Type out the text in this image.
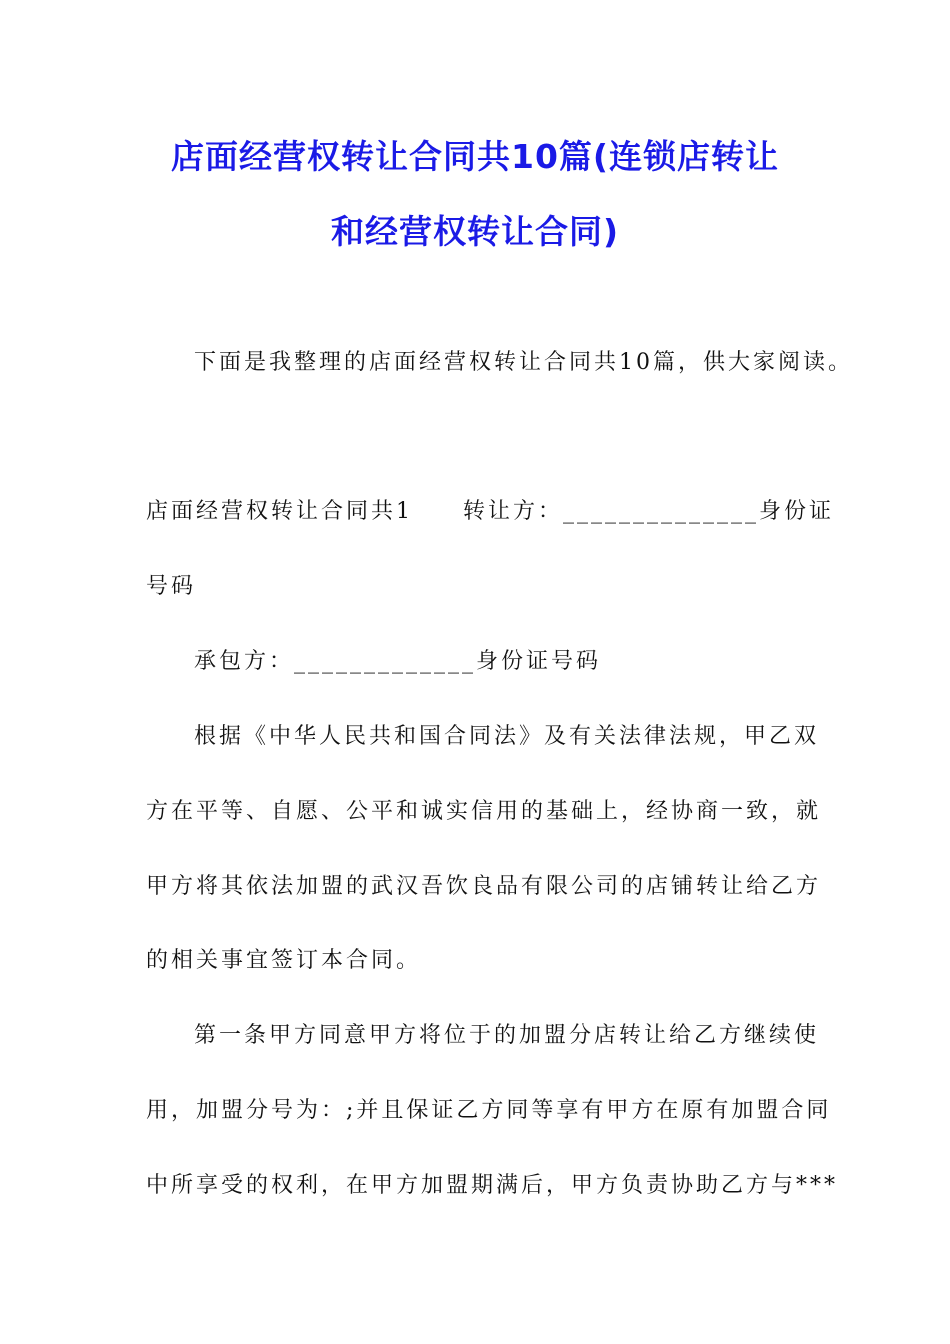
店面经营权转让合同共10篇(连锁店转让
和经营权转让合同)
下面是我整理的店面经营权转让合同共10篇，供大家阅读。
店面经营权转让合同共1　　转让方：______________身份证
号码
承包方：_____________身份证号码
根据《中华人民共和国合同法》及有关法律法规，甲乙双
方在平等、自愿、公平和诚实信用的基础上，经协商一致，就
甲方将其依法加盟的武汉吾饮良品有限公司的店铺转让给乙方
的相关事宜签订本合同。
第一条甲方同意甲方将位于的加盟分店转让给乙方继续使
用，加盟分号为：;并且保证乙方同等享有甲方在原有加盟合同
中所享受的权利，在甲方加盟期满后，甲方负责协助乙方与***
